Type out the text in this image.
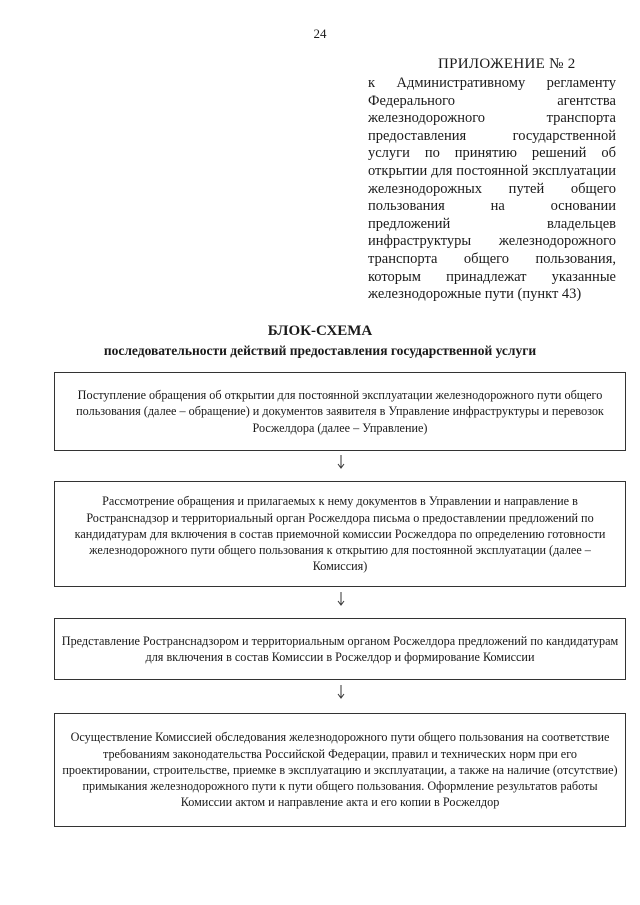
24
ПРИЛОЖЕНИЕ № 2
к Административному регламенту Федерального агентства железнодорожного транспорта предоставления государственной услуги по принятию решений об открытии для постоянной эксплуатации железнодорожных путей общего пользования на основании предложений владельцев инфраструктуры железнодорожного транспорта общего пользования, которым принадлежат указанные железнодорожные пути (пункт 43)
БЛОК-СХЕМА
последовательности действий предоставления государственной услуги
Поступление обращения об открытии для постоянной эксплуатации железнодорожного пути общего пользования (далее – обращение) и документов заявителя в Управление инфраструктуры и перевозок Росжелдора (далее – Управление)
Рассмотрение обращения и прилагаемых к нему документов в Управлении и направление в Ространснадзор и территориальный орган Росжелдора письма о предоставлении предложений по кандидатурам для включения в состав приемочной комиссии Росжелдора по определению готовности железнодорожного пути общего пользования к открытию для постоянной эксплуатации (далее – Комиссия)
Представление Ространснадзором и территориальным органом Росжелдора предложений по кандидатурам для включения в состав Комиссии в Росжелдор и формирование Комиссии
Осуществление Комиссией обследования железнодорожного пути общего пользования на соответствие требованиям законодательства Российской Федерации, правил и технических норм при его проектировании, строительстве, приемке в эксплуатацию и эксплуатации, а также на наличие (отсутствие) примыкания железнодорожного пути к пути общего пользования. Оформление результатов работы Комиссии актом и направление акта и его копии в Росжелдор
